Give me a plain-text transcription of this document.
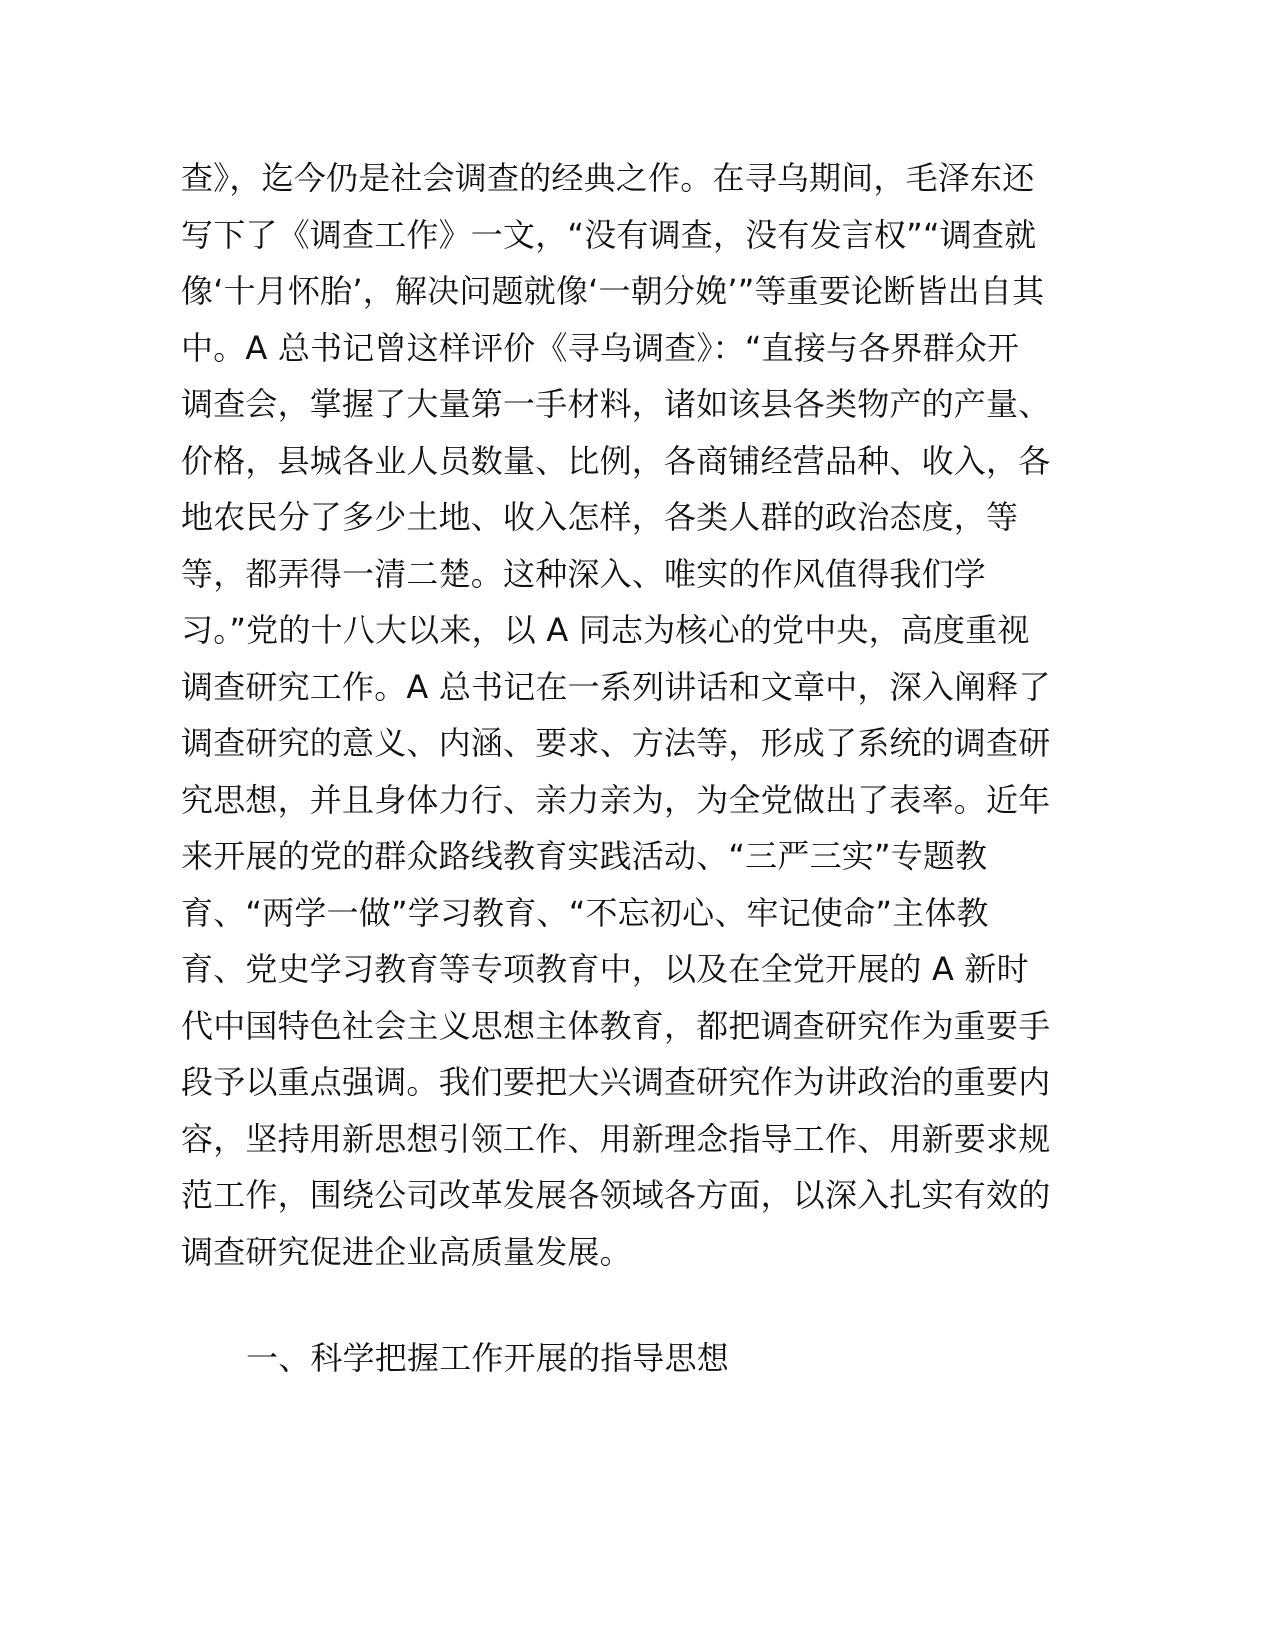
查》，迄今仍是社会调查的经典之作。在寻乌期间，毛泽东还
写下了《调查工作》一文，“没有调查，没有发言权”“调查就
像‘十月怀胎’，解决问题就像‘一朝分娩’”等重要论断皆出自其
中。A 总书记曾这样评价《寻乌调查》：“直接与各界群众开
调查会，掌握了大量第一手材料，诸如该县各类物产的产量、
价格，县城各业人员数量、比例，各商铺经营品种、收入，各
地农民分了多少土地、收入怎样，各类人群的政治态度，等
等，都弄得一清二楚。这种深入、唯实的作风值得我们学
习。”党的十八大以来，以 A 同志为核心的党中央，高度重视
调查研究工作。A 总书记在一系列讲话和文章中，深入阐释了
调查研究的意义、内涵、要求、方法等，形成了系统的调查研
究思想，并且身体力行、亲力亲为，为全党做出了表率。近年
来开展的党的群众路线教育实践活动、“三严三实”专题教
育、“两学一做”学习教育、“不忘初心、牢记使命”主体教
育、党史学习教育等专项教育中，以及在全党开展的 A 新时
代中国特色社会主义思想主体教育，都把调查研究作为重要手
段予以重点强调。我们要把大兴调查研究作为讲政治的重要内
容，坚持用新思想引领工作、用新理念指导工作、用新要求规
范工作，围绕公司改革发展各领域各方面，以深入扎实有效的
调查研究促进企业高质量发展。
一、科学把握工作开展的指导思想
